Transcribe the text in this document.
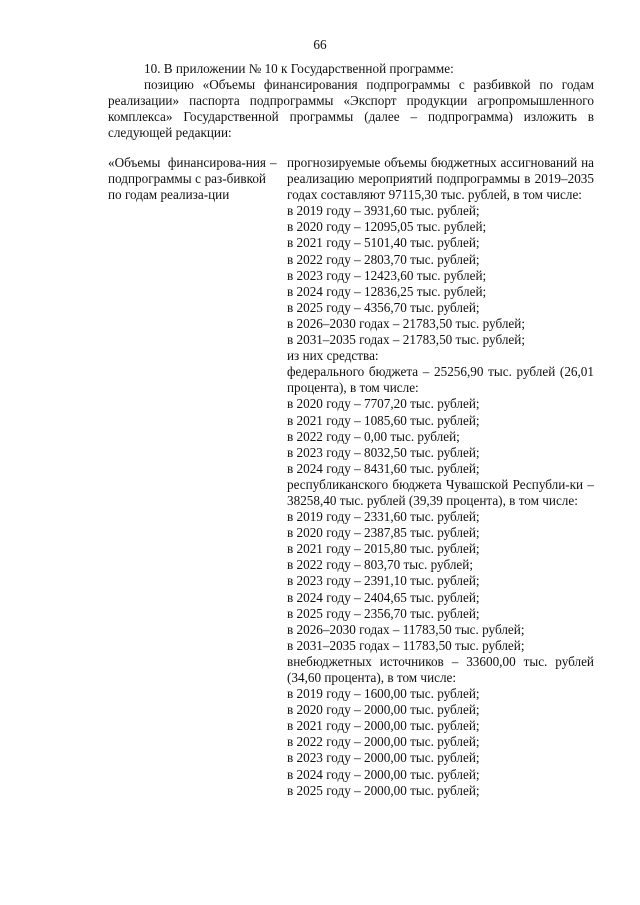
66

10. В приложении № 10 к Государственной программе:

позицию «Объемы финансирования подпрограммы с разбивкой по годам реализации» паспорта подпрограммы «Экспорт продукции агропромышленного комплекса» Государственной программы (далее – подпрограмма) изложить в следующей редакции:

«Объемы финансирова-ния подпрограммы с раз-бивкой по годам реализа-ции
– прогнозируемые объемы бюджетных ассигнований на реализацию мероприятий подпрограммы в 2019–2035 годах составляют 97115,30 тыс. рублей, в том числе:
в 2019 году – 3931,60 тыс. рублей;
в 2020 году – 12095,05 тыс. рублей;
в 2021 году – 5101,40 тыс. рублей;
в 2022 году – 2803,70 тыс. рублей;
в 2023 году – 12423,60 тыс. рублей;
в 2024 году – 12836,25 тыс. рублей;
в 2025 году – 4356,70 тыс. рублей;
в 2026–2030 годах – 21783,50 тыс. рублей;
в 2031–2035 годах – 21783,50 тыс. рублей;
из них средства:
федерального бюджета – 25256,90 тыс. рублей (26,01 процента), в том числе:
в 2020 году – 7707,20 тыс. рублей;
в 2021 году – 1085,60 тыс. рублей;
в 2022 году – 0,00 тыс. рублей;
в 2023 году – 8032,50 тыс. рублей;
в 2024 году – 8431,60 тыс. рублей;
республиканского бюджета Чувашской Республи-ки – 38258,40 тыс. рублей (39,39 процента), в том числе:
в 2019 году – 2331,60 тыс. рублей;
в 2020 году – 2387,85 тыс. рублей;
в 2021 году – 2015,80 тыс. рублей;
в 2022 году – 803,70 тыс. рублей;
в 2023 году – 2391,10 тыс. рублей;
в 2024 году – 2404,65 тыс. рублей;
в 2025 году – 2356,70 тыс. рублей;
в 2026–2030 годах – 11783,50 тыс. рублей;
в 2031–2035 годах – 11783,50 тыс. рублей;
внебюджетных источников – 33600,00 тыс. рублей (34,60 процента), в том числе:
в 2019 году – 1600,00 тыс. рублей;
в 2020 году – 2000,00 тыс. рублей;
в 2021 году – 2000,00 тыс. рублей;
в 2022 году – 2000,00 тыс. рублей;
в 2023 году – 2000,00 тыс. рублей;
в 2024 году – 2000,00 тыс. рублей;
в 2025 году – 2000,00 тыс. рублей;
